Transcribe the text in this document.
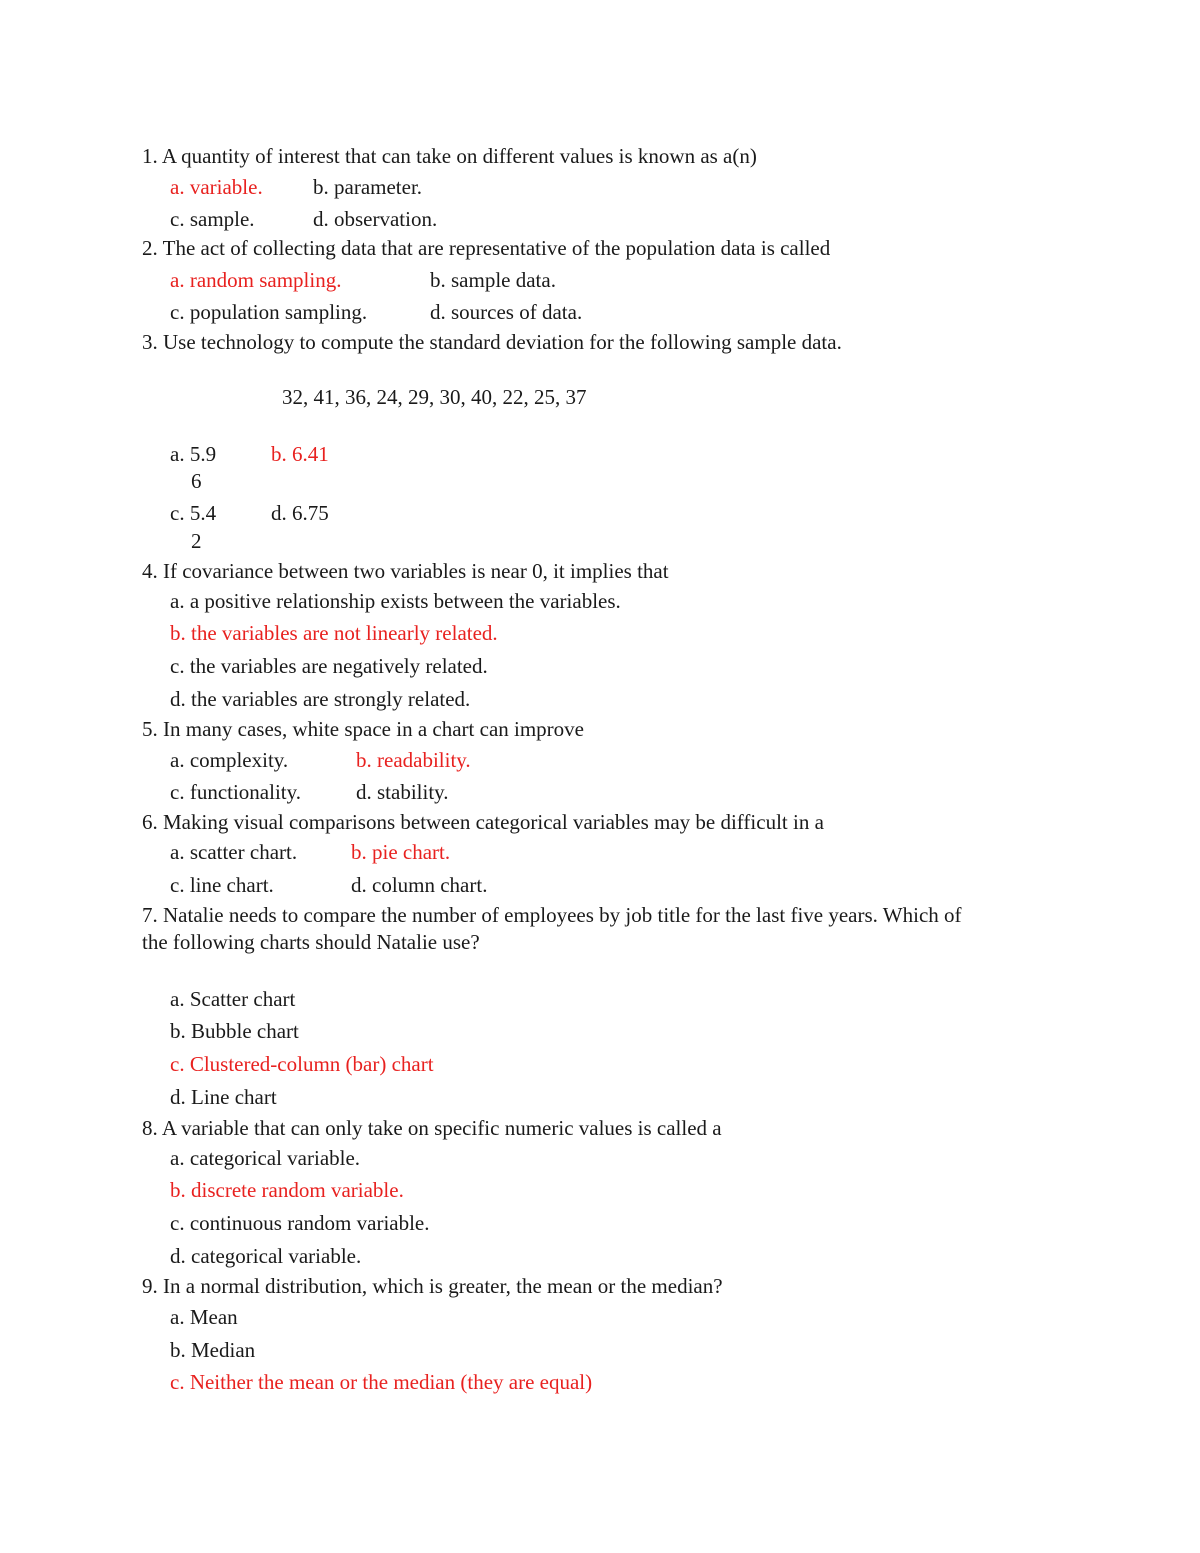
1. A quantity of interest that can take on different values is known as a(n)
a. variable. b. parameter.
c. sample.	d. observation.
2. The act of collecting data that are representative of the population data is called
a. random sampling.	b. sample data.
c. population sampling.	d. sources of data.
3. Use technology to compute the standard deviation for the following sample data.
32, 41, 36, 24, 29, 30, 40, 22, 25, 37
a. 5.9
6
b. 6.41
c. 5.4
2
d. 6.75
4. If covariance between two variables is near 0, it implies that
a. a positive relationship exists between the variables.
b. the variables are not linearly related.
c. the variables are negatively related.
d. the variables are strongly related.
5. In many cases, white space in a chart can improve
a. complexity.	b. readability.
c. functionality.	d. stability.
6. Making visual comparisons between categorical variables may be difficult in a
a. scatter chart.	b. pie chart.
c. line chart.	d. column chart.
7. Natalie needs to compare the number of employees by job title for the last five years. Which of
the following charts should Natalie use?
a. Scatter chart
b. Bubble chart
c. Clustered-column (bar) chart
d. Line chart
8. A variable that can only take on specific numeric values is called a
a. categorical variable.
b. discrete random variable.
c. continuous random variable.
d. categorical variable.
9. In a normal distribution, which is greater, the mean or the median?
a. Mean
b. Median
c. Neither the mean or the median (they are equal)
